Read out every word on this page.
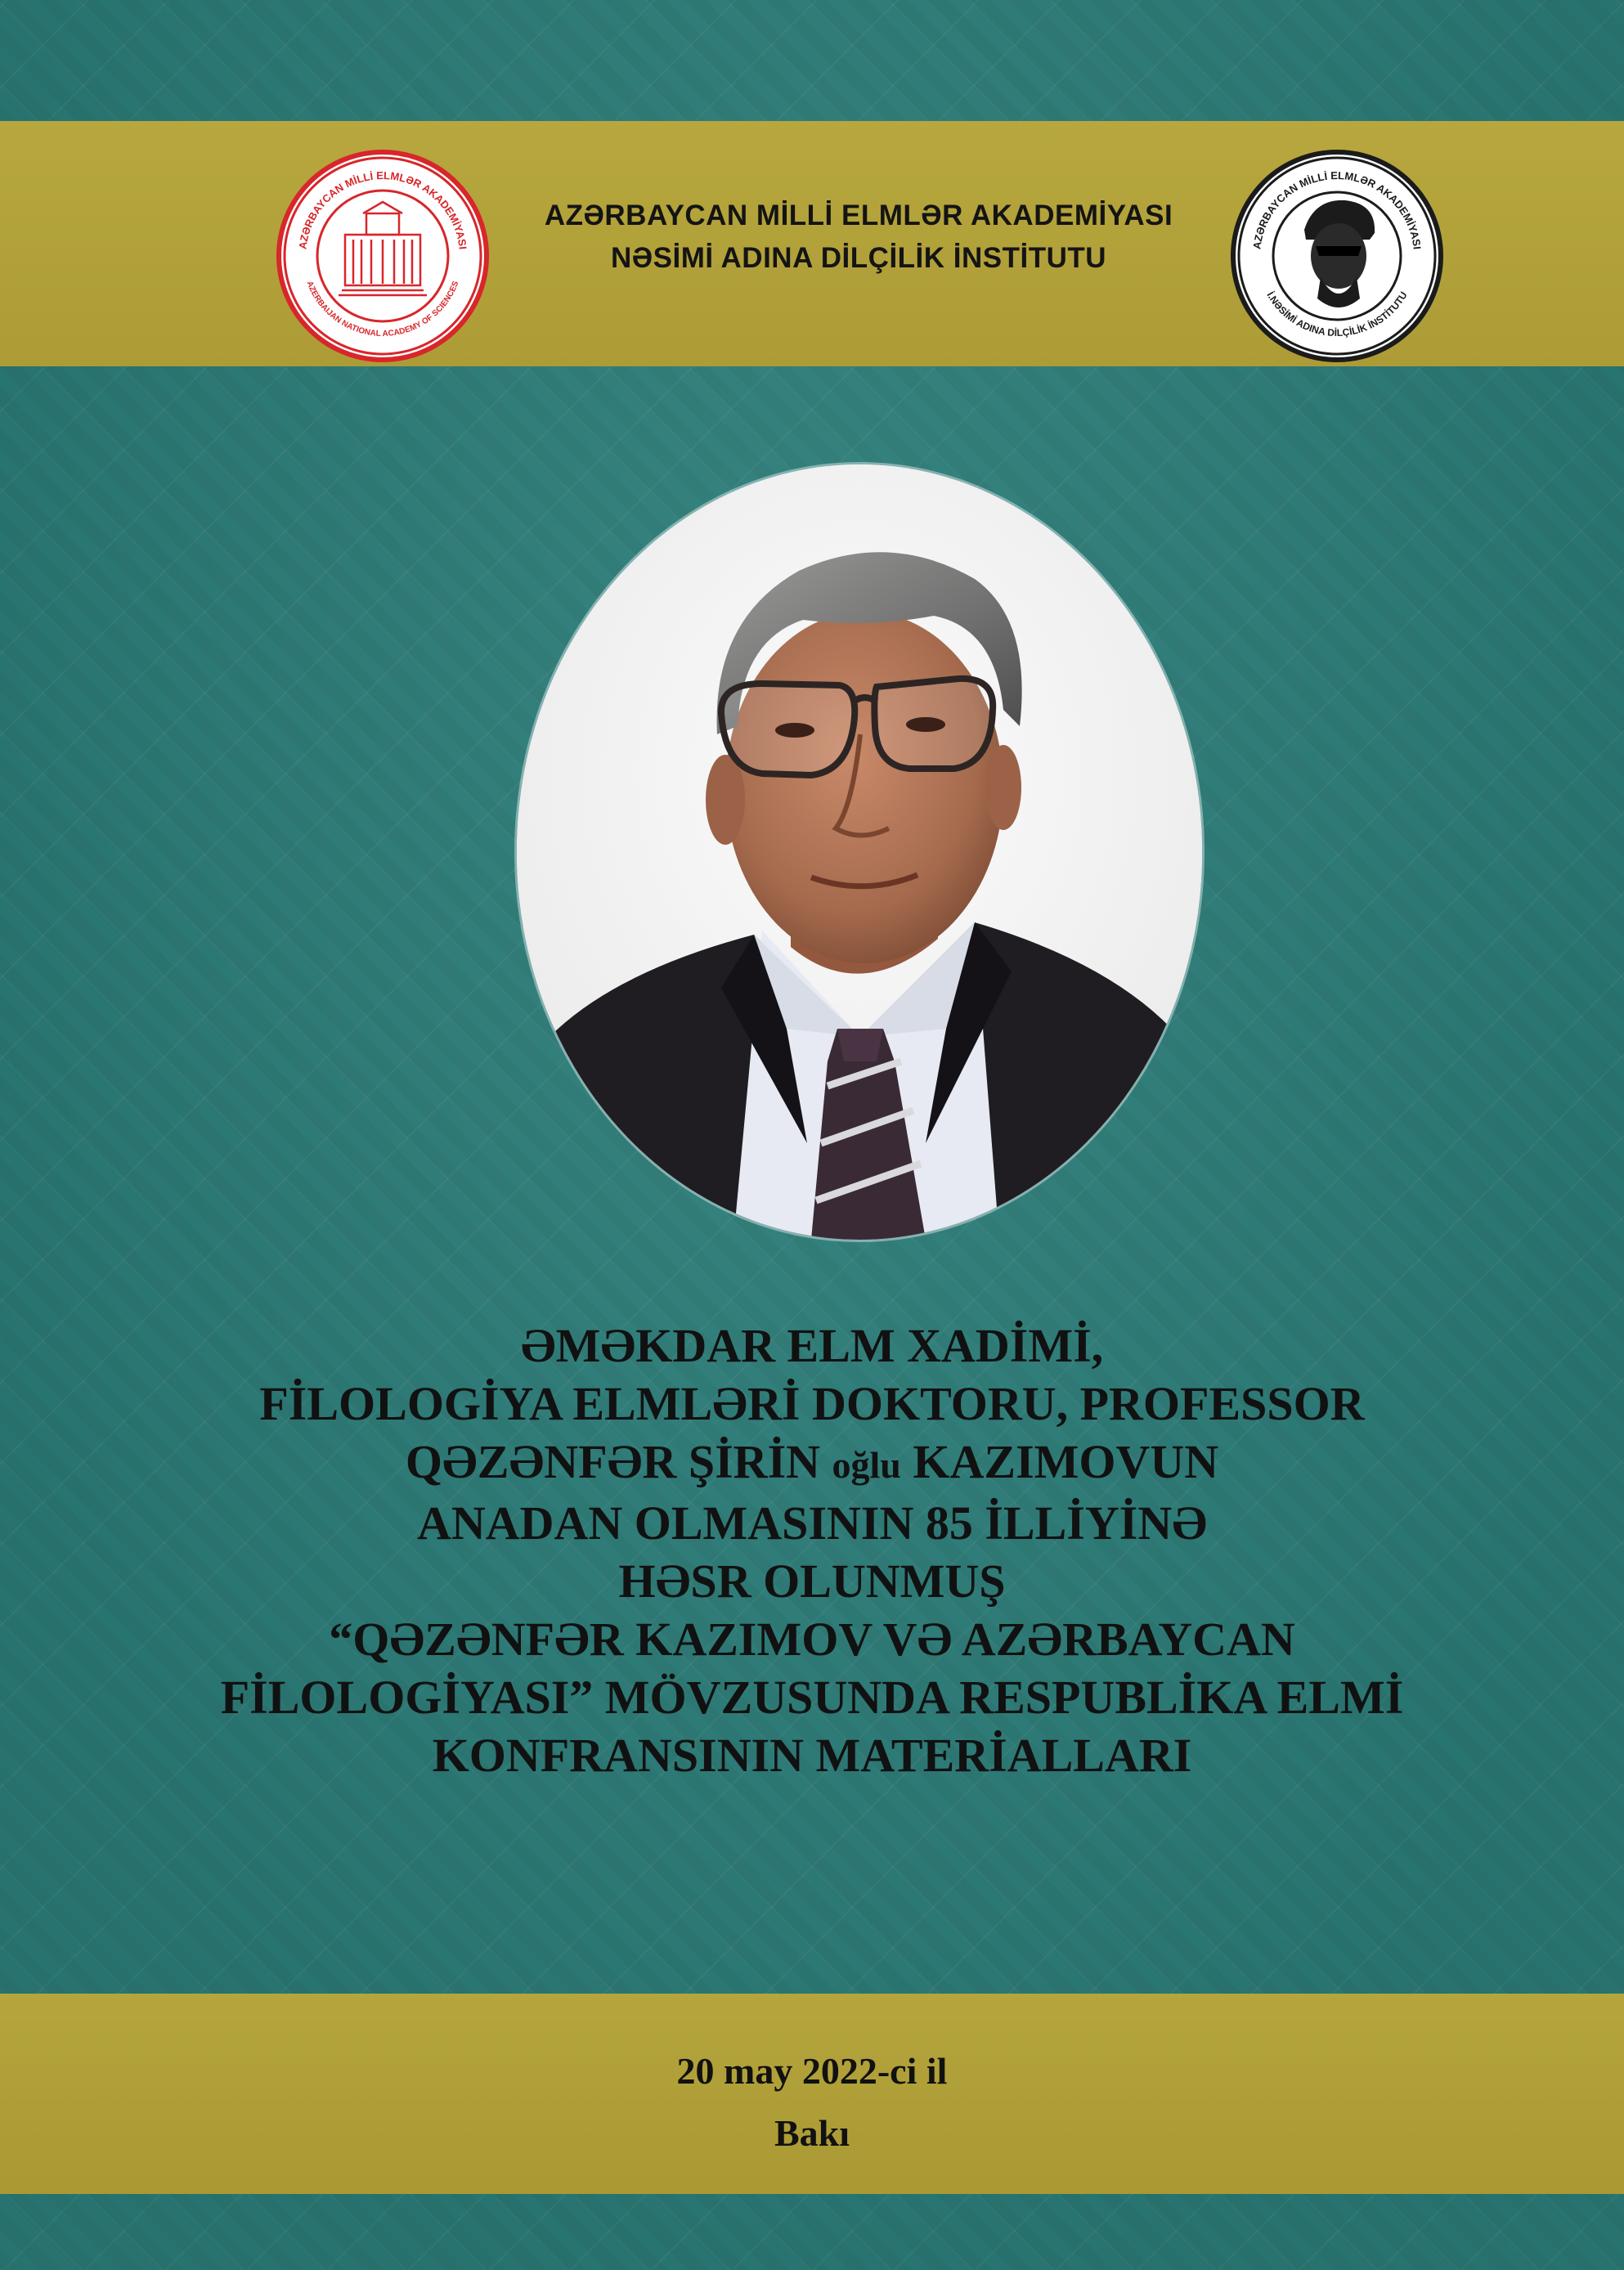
AZƏRBAYCAN MİLLİ ELMLƏR AKADEMİYASI
AZERBAIJAN NATIONAL ACADEMY OF SCIENCES
AZƏRBAYCAN MİLLİ ELMLƏR AKADEMİYASI
İ.NƏSİMİ ADINA DİLÇİLİK İNSTİTUTU
AZƏRBAYCAN MİLLİ ELMLƏR AKADEMİYASI
NƏSİMİ ADINA DİLÇİLİK İNSTİTUTU
ƏMƏKDAR ELM XADİMİ,
FİLOLOGİYA ELMLƏRİ DOKTORU, PROFESSOR
QƏZƏNFƏR ŞİRİN oğlu KAZIMOVUN
ANADAN OLMASININ 85 İLLİYİNƏ
HƏSR OLUNMUŞ
“QƏZƏNFƏR KAZIMOV VƏ AZƏRBAYCAN
FİLOLOGİYASI” MÖVZUSUNDA RESPUBLİKA ELMİ
KONFRANSININ MATERİALLARI
20 may 2022-ci il
Bakı
